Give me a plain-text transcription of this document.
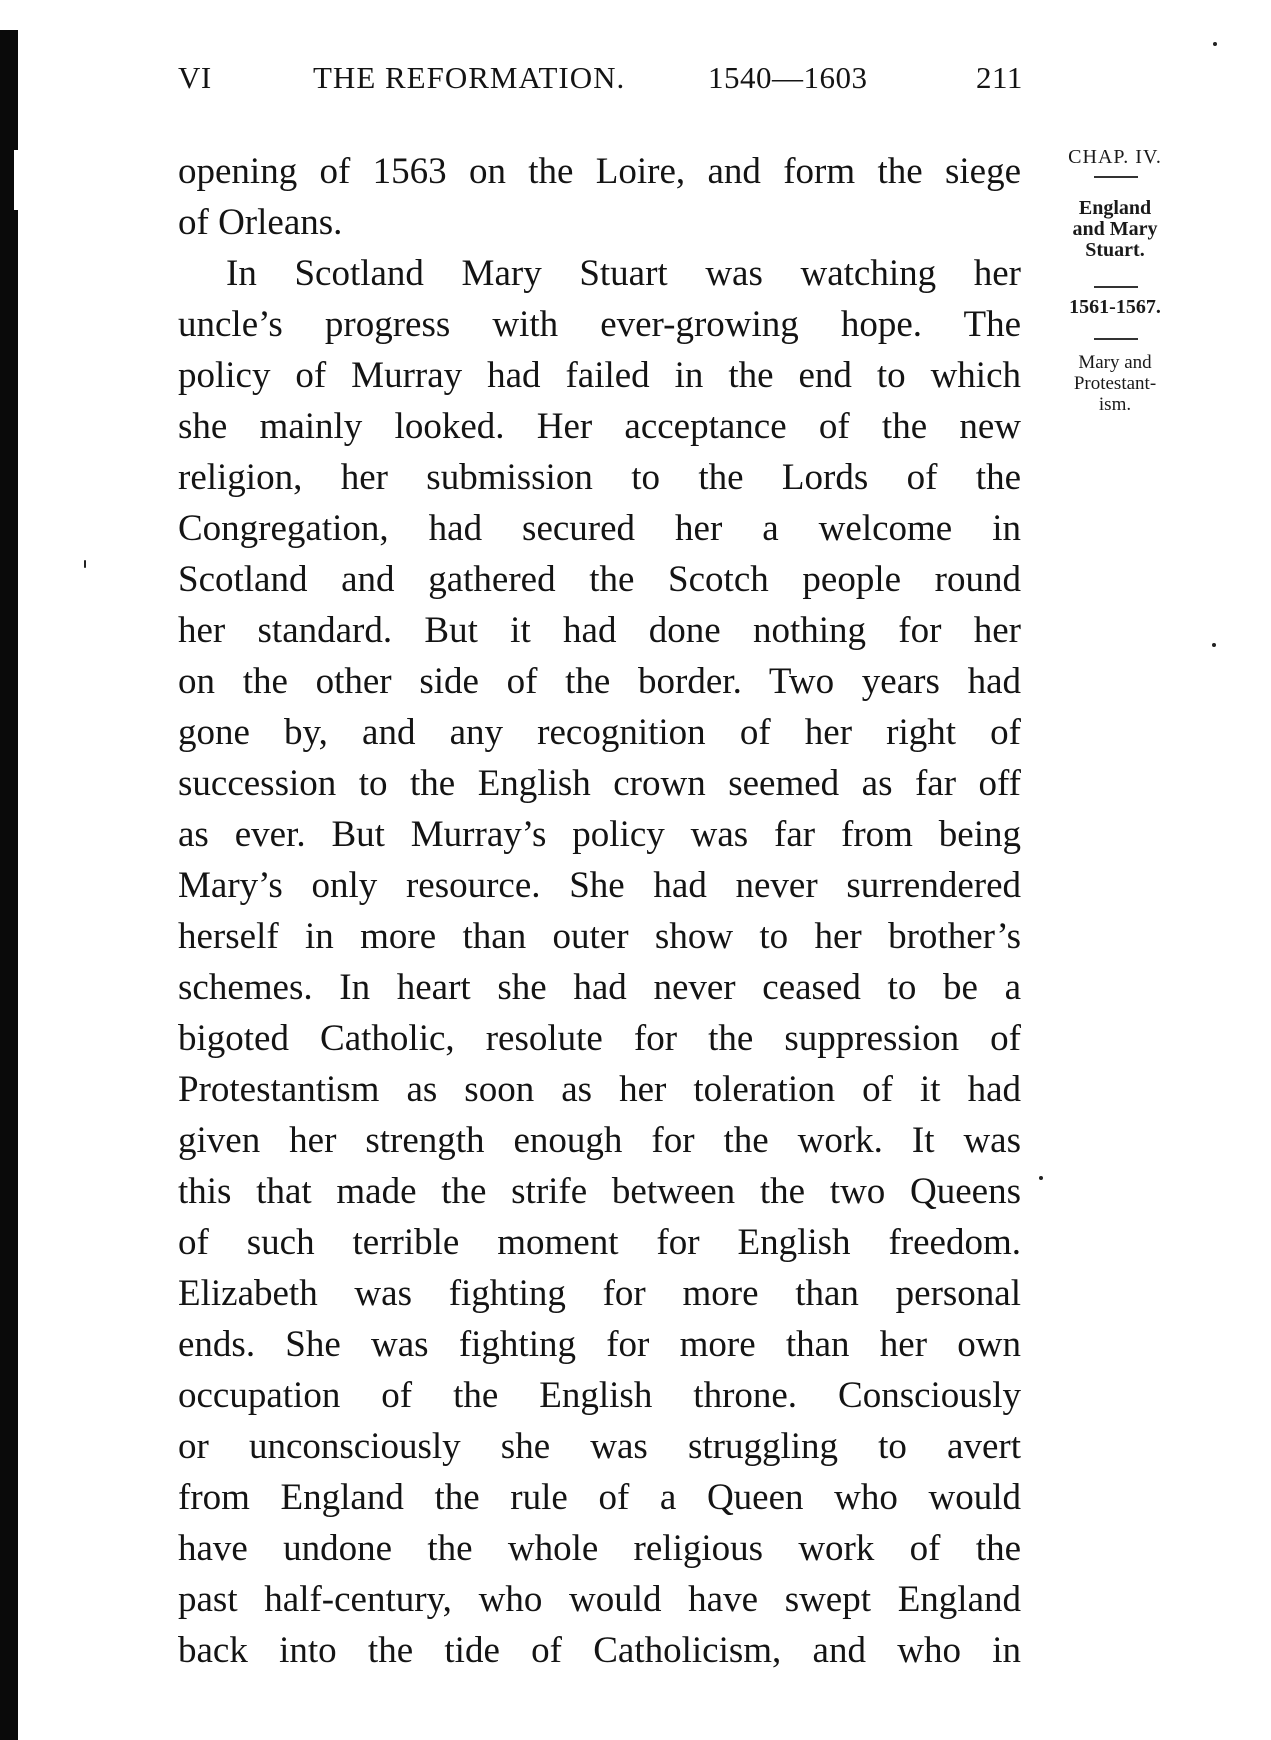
VI	THE REFORMATION.	1540—1603	211
opening of 1563 on the Loire, and form the siege
of Orleans.
In Scotland Mary Stuart was watching her
uncle’s progress with ever-growing hope. The
policy of Murray had failed in the end to which
she mainly looked. Her acceptance of the new
religion, her submission to the Lords of the
Congregation, had secured her a welcome in
Scotland and gathered the Scotch people round
her standard. But it had done nothing for her
on the other side of the border. Two years had
gone by, and any recognition of her right of
succession to the English crown seemed as far off
as ever. But Murray’s policy was far from being
Mary’s only resource. She had never surrendered
herself in more than outer show to her brother’s
schemes. In heart she had never ceased to be a
bigoted Catholic, resolute for the suppression of
Protestantism as soon as her toleration of it had
given her strength enough for the work. It was
this that made the strife between the two Queens
of such terrible moment for English freedom.
Elizabeth was fighting for more than personal
ends. She was fighting for more than her own
occupation of the English throne. Consciously
or unconsciously she was struggling to avert
from England the rule of a Queen who would
have undone the whole religious work of the
past half-century, who would have swept England
back into the tide of Catholicism, and who in
CHAP. IV.
England
and Mary
Stuart.
1561-1567.
Mary and
Protestant-
ism.
